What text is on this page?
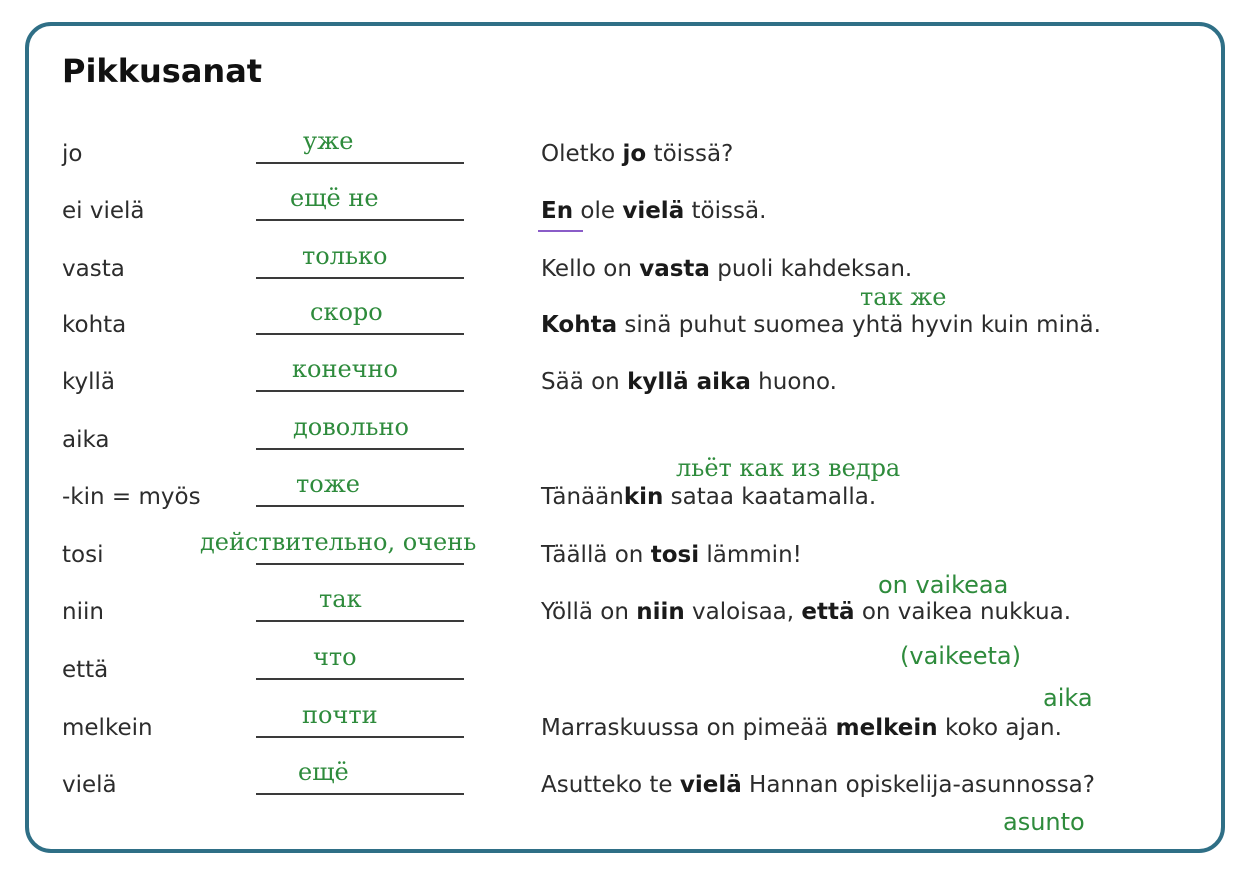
Pikkusanat
jo	уже	Oletko jo töissä?
ei vielä	ещё не	En ole vielä töissä.
vasta	только	Kello on vasta puoli kahdeksan.
kohta	скоро	Kohta sinä puhut suomea yhtä hyvin kuin minä.
kyllä	конечно	Sää on kyllä aika huono.
aika	довольно
-kin = myös	тоже	Tänäänkin sataa kaatamalla.
tosi	действительно, очень	Täällä on tosi lämmin!
niin	так	Yöllä on niin valoisaa, että on vaikea nukkua.
että	что
melkein	почти	Marraskuussa on pimeää melkein koko ajan.
vielä	ещё	Asutteko te vielä Hannan opiskelija-asunnossa?
так же
льёт как из ведра
on vaikeaa
(vaikeeta)
aika
asunto
